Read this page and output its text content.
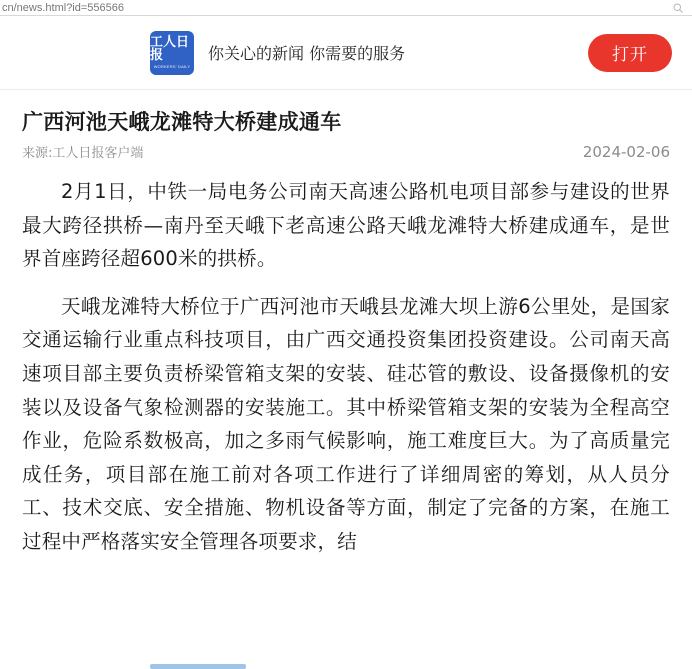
cn/news.html?id=556566
工人日报
WORKERS' DAILY
你关心的新闻 你需要的服务	打开
广西河池天峨龙滩特大桥建成通车
来源:工人日报客户端	2024-02-06

2月1日，中铁一局电务公司南天高速公路机电项目部参与建设的世界最大跨径拱桥—南丹至天峨下老高速公路天峨龙滩特大桥建成通车，是世界首座跨径超600米的拱桥。

天峨龙滩特大桥位于广西河池市天峨县龙滩大坝上游6公里处，是国家交通运输行业重点科技项目，由广西交通投资集团投资建设。公司南天高速项目部主要负责桥梁管箱支架的安装、硅芯管的敷设、设备摄像机的安装以及设备气象检测器的安装施工。其中桥梁管箱支架的安装为全程高空作业，危险系数极高，加之多雨气候影响，施工难度巨大。为了高质量完成任务，项目部在施工前对各项工作进行了详细周密的筹划，从人员分工、技术交底、安全措施、物机设备等方面，制定了完备的方案，在施工过程中严格落实安全管理各项要求，结
